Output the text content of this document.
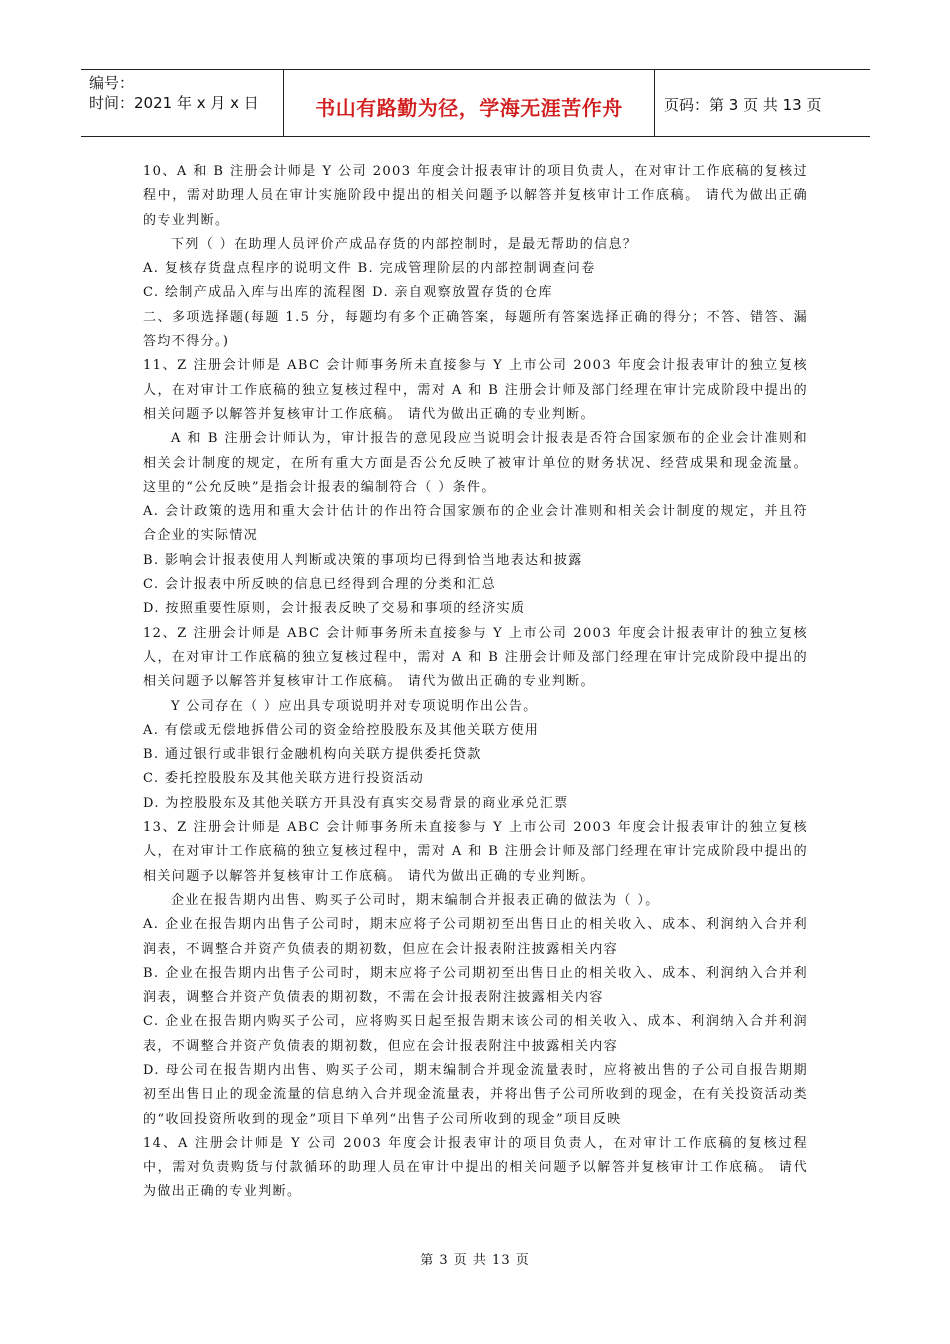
编号：
时间：2021 年 x 月 x 日	书山有路勤为径，学海无涯苦作舟	页码：第 3 页 共 13 页

10、A 和 B 注册会计师是 Y 公司 2003 年度会计报表审计的项目负责人，在对审计工作底稿的复核过程中，需对助理人员在审计实施阶段中提出的相关问题予以解答并复核审计工作底稿。 请代为做出正确的专业判断。

下列（ ）在助理人员评价产成品存货的内部控制时，是最无帮助的信息？

A. 复核存货盘点程序的说明文件 B. 完成管理阶层的内部控制调查问卷

C. 绘制产成品入库与出库的流程图 D. 亲自观察放置存货的仓库

二、多项选择题(每题 1.5 分，每题均有多个正确答案，每题所有答案选择正确的得分；不答、错答、漏答均不得分。)

11、Z 注册会计师是 ABC 会计师事务所未直接参与 Y 上市公司 2003 年度会计报表审计的独立复核人，在对审计工作底稿的独立复核过程中，需对 A 和 B 注册会计师及部门经理在审计完成阶段中提出的相关问题予以解答并复核审计工作底稿。 请代为做出正确的专业判断。

A 和 B 注册会计师认为，审计报告的意见段应当说明会计报表是否符合国家颁布的企业会计准则和相关会计制度的规定，在所有重大方面是否公允反映了被审计单位的财务状况、经营成果和现金流量。 这里的“公允反映”是指会计报表的编制符合（ ）条件。

A. 会计政策的选用和重大会计估计的作出符合国家颁布的企业会计准则和相关会计制度的规定，并且符合企业的实际情况

B. 影响会计报表使用人判断或决策的事项均已得到恰当地表达和披露

C. 会计报表中所反映的信息已经得到合理的分类和汇总

D. 按照重要性原则，会计报表反映了交易和事项的经济实质

12、Z 注册会计师是 ABC 会计师事务所未直接参与 Y 上市公司 2003 年度会计报表审计的独立复核人，在对审计工作底稿的独立复核过程中，需对 A 和 B 注册会计师及部门经理在审计完成阶段中提出的相关问题予以解答并复核审计工作底稿。 请代为做出正确的专业判断。

Y 公司存在（ ）应出具专项说明并对专项说明作出公告。

A. 有偿或无偿地拆借公司的资金给控股股东及其他关联方使用

B. 通过银行或非银行金融机构向关联方提供委托贷款

C. 委托控股股东及其他关联方进行投资活动

D. 为控股股东及其他关联方开具没有真实交易背景的商业承兑汇票

13、Z 注册会计师是 ABC 会计师事务所未直接参与 Y 上市公司 2003 年度会计报表审计的独立复核人，在对审计工作底稿的独立复核过程中，需对 A 和 B 注册会计师及部门经理在审计完成阶段中提出的相关问题予以解答并复核审计工作底稿。 请代为做出正确的专业判断。

企业在报告期内出售、购买子公司时，期末编制合并报表正确的做法为（ ）。

A. 企业在报告期内出售子公司时，期末应将子公司期初至出售日止的相关收入、成本、利润纳入合并利润表，不调整合并资产负债表的期初数，但应在会计报表附注披露相关内容

B. 企业在报告期内出售子公司时，期末应将子公司期初至出售日止的相关收入、成本、利润纳入合并利润表，调整合并资产负债表的期初数，不需在会计报表附注披露相关内容

C. 企业在报告期内购买子公司，应将购买日起至报告期末该公司的相关收入、成本、利润纳入合并利润表，不调整合并资产负债表的期初数，但应在会计报表附注中披露相关内容

D. 母公司在报告期内出售、购买子公司，期末编制合并现金流量表时，应将被出售的子公司自报告期期初至出售日止的现金流量的信息纳入合并现金流量表，并将出售子公司所收到的现金，在有关投资活动类的“收回投资所收到的现金”项目下单列“出售子公司所收到的现金”项目反映

14、A 注册会计师是 Y 公司 2003 年度会计报表审计的项目负责人，在对审计工作底稿的复核过程中，需对负责购货与付款循环的助理人员在审计中提出的相关问题予以解答并复核审计工作底稿。 请代为做出正确的专业判断。

第 3 页 共 13 页
